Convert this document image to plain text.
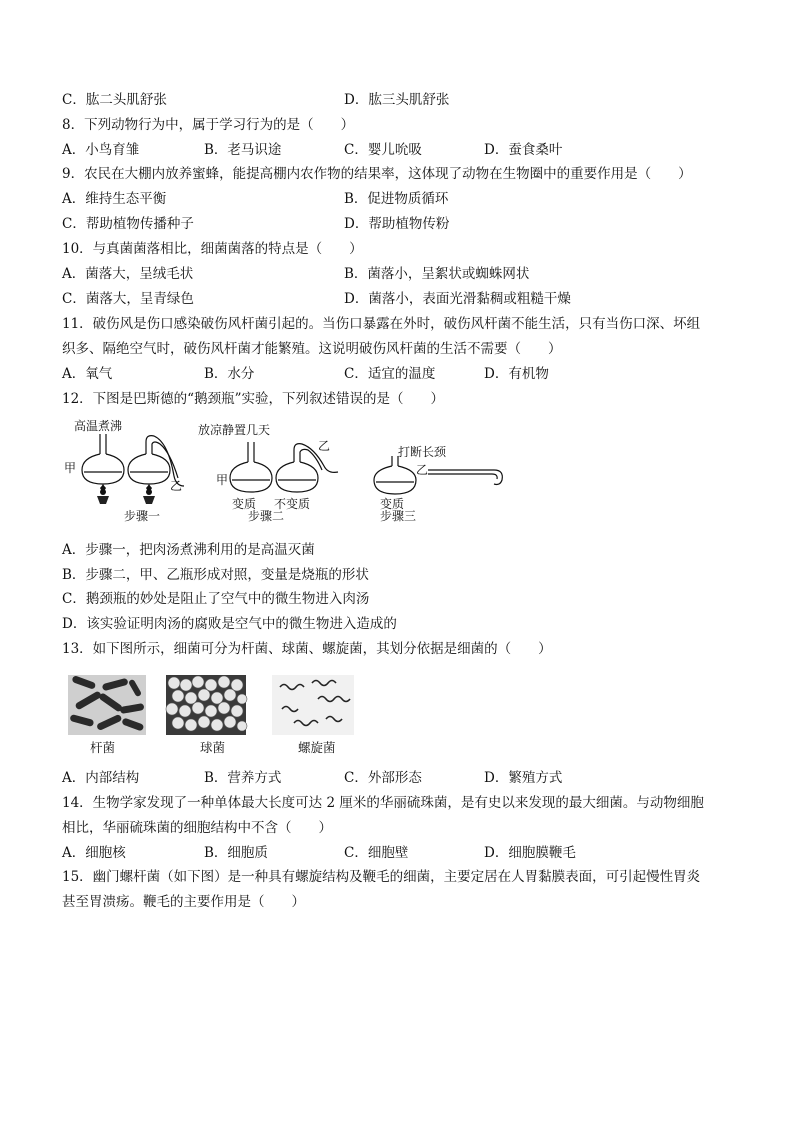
C．肱二头肌舒张	D．肱三头肌舒张
8．下列动物行为中，属于学习行为的是（　　）
A．小鸟育雏	B．老马识途	C．婴儿吮吸	D．蚕食桑叶
9．农民在大棚内放养蜜蜂，能提高棚内农作物的结果率，这体现了动物在生物圈中的重要作用是（　　）
A．维持生态平衡	B．促进物质循环
C．帮助植物传播种子	D．帮助植物传粉
10．与真菌菌落相比，细菌菌落的特点是（　　）
A．菌落大，呈绒毛状	B．菌落小，呈絮状或蜘蛛网状
C．菌落大，呈青绿色	D．菌落小，表面光滑黏稠或粗糙干燥
11．破伤风是伤口感染破伤风杆菌引起的。当伤口暴露在外时，破伤风杆菌不能生活，只有当伤口深、坏组
织多、隔绝空气时，破伤风杆菌才能繁殖。这说明破伤风杆菌的生活不需要（　　）
A．氧气	B．水分	C．适宜的温度	D．有机物
12．下图是巴斯德的“鹅颈瓶”实验，下列叙述错误的是（　　）
高温煮沸
甲
乙
步骤一
放凉静置几天
甲
乙
变质 不变质
步骤二
打断长颈
乙
变质
步骤三
A．步骤一，把肉汤煮沸利用的是高温灭菌
B．步骤二，甲、乙瓶形成对照，变量是烧瓶的形状
C．鹅颈瓶的妙处是阻止了空气中的微生物进入肉汤
D．该实验证明肉汤的腐败是空气中的微生物进入造成的
13．如下图所示，细菌可分为杆菌、球菌、螺旋菌，其划分依据是细菌的（　　）
杆菌	球菌	螺旋菌
A．内部结构	B．营养方式	C．外部形态	D．繁殖方式
14．生物学家发现了一种单体最大长度可达 2 厘米的华丽硫珠菌，是有史以来发现的最大细菌。与动物细胞
相比，华丽硫珠菌的细胞结构中不含（　　）
A．细胞核	B．细胞质	C．细胞壁	D．细胞膜鞭毛
15．幽门螺杆菌（如下图）是一种具有螺旋结构及鞭毛的细菌，主要定居在人胃黏膜表面，可引起慢性胃炎
甚至胃溃疡。鞭毛的主要作用是（　　）
